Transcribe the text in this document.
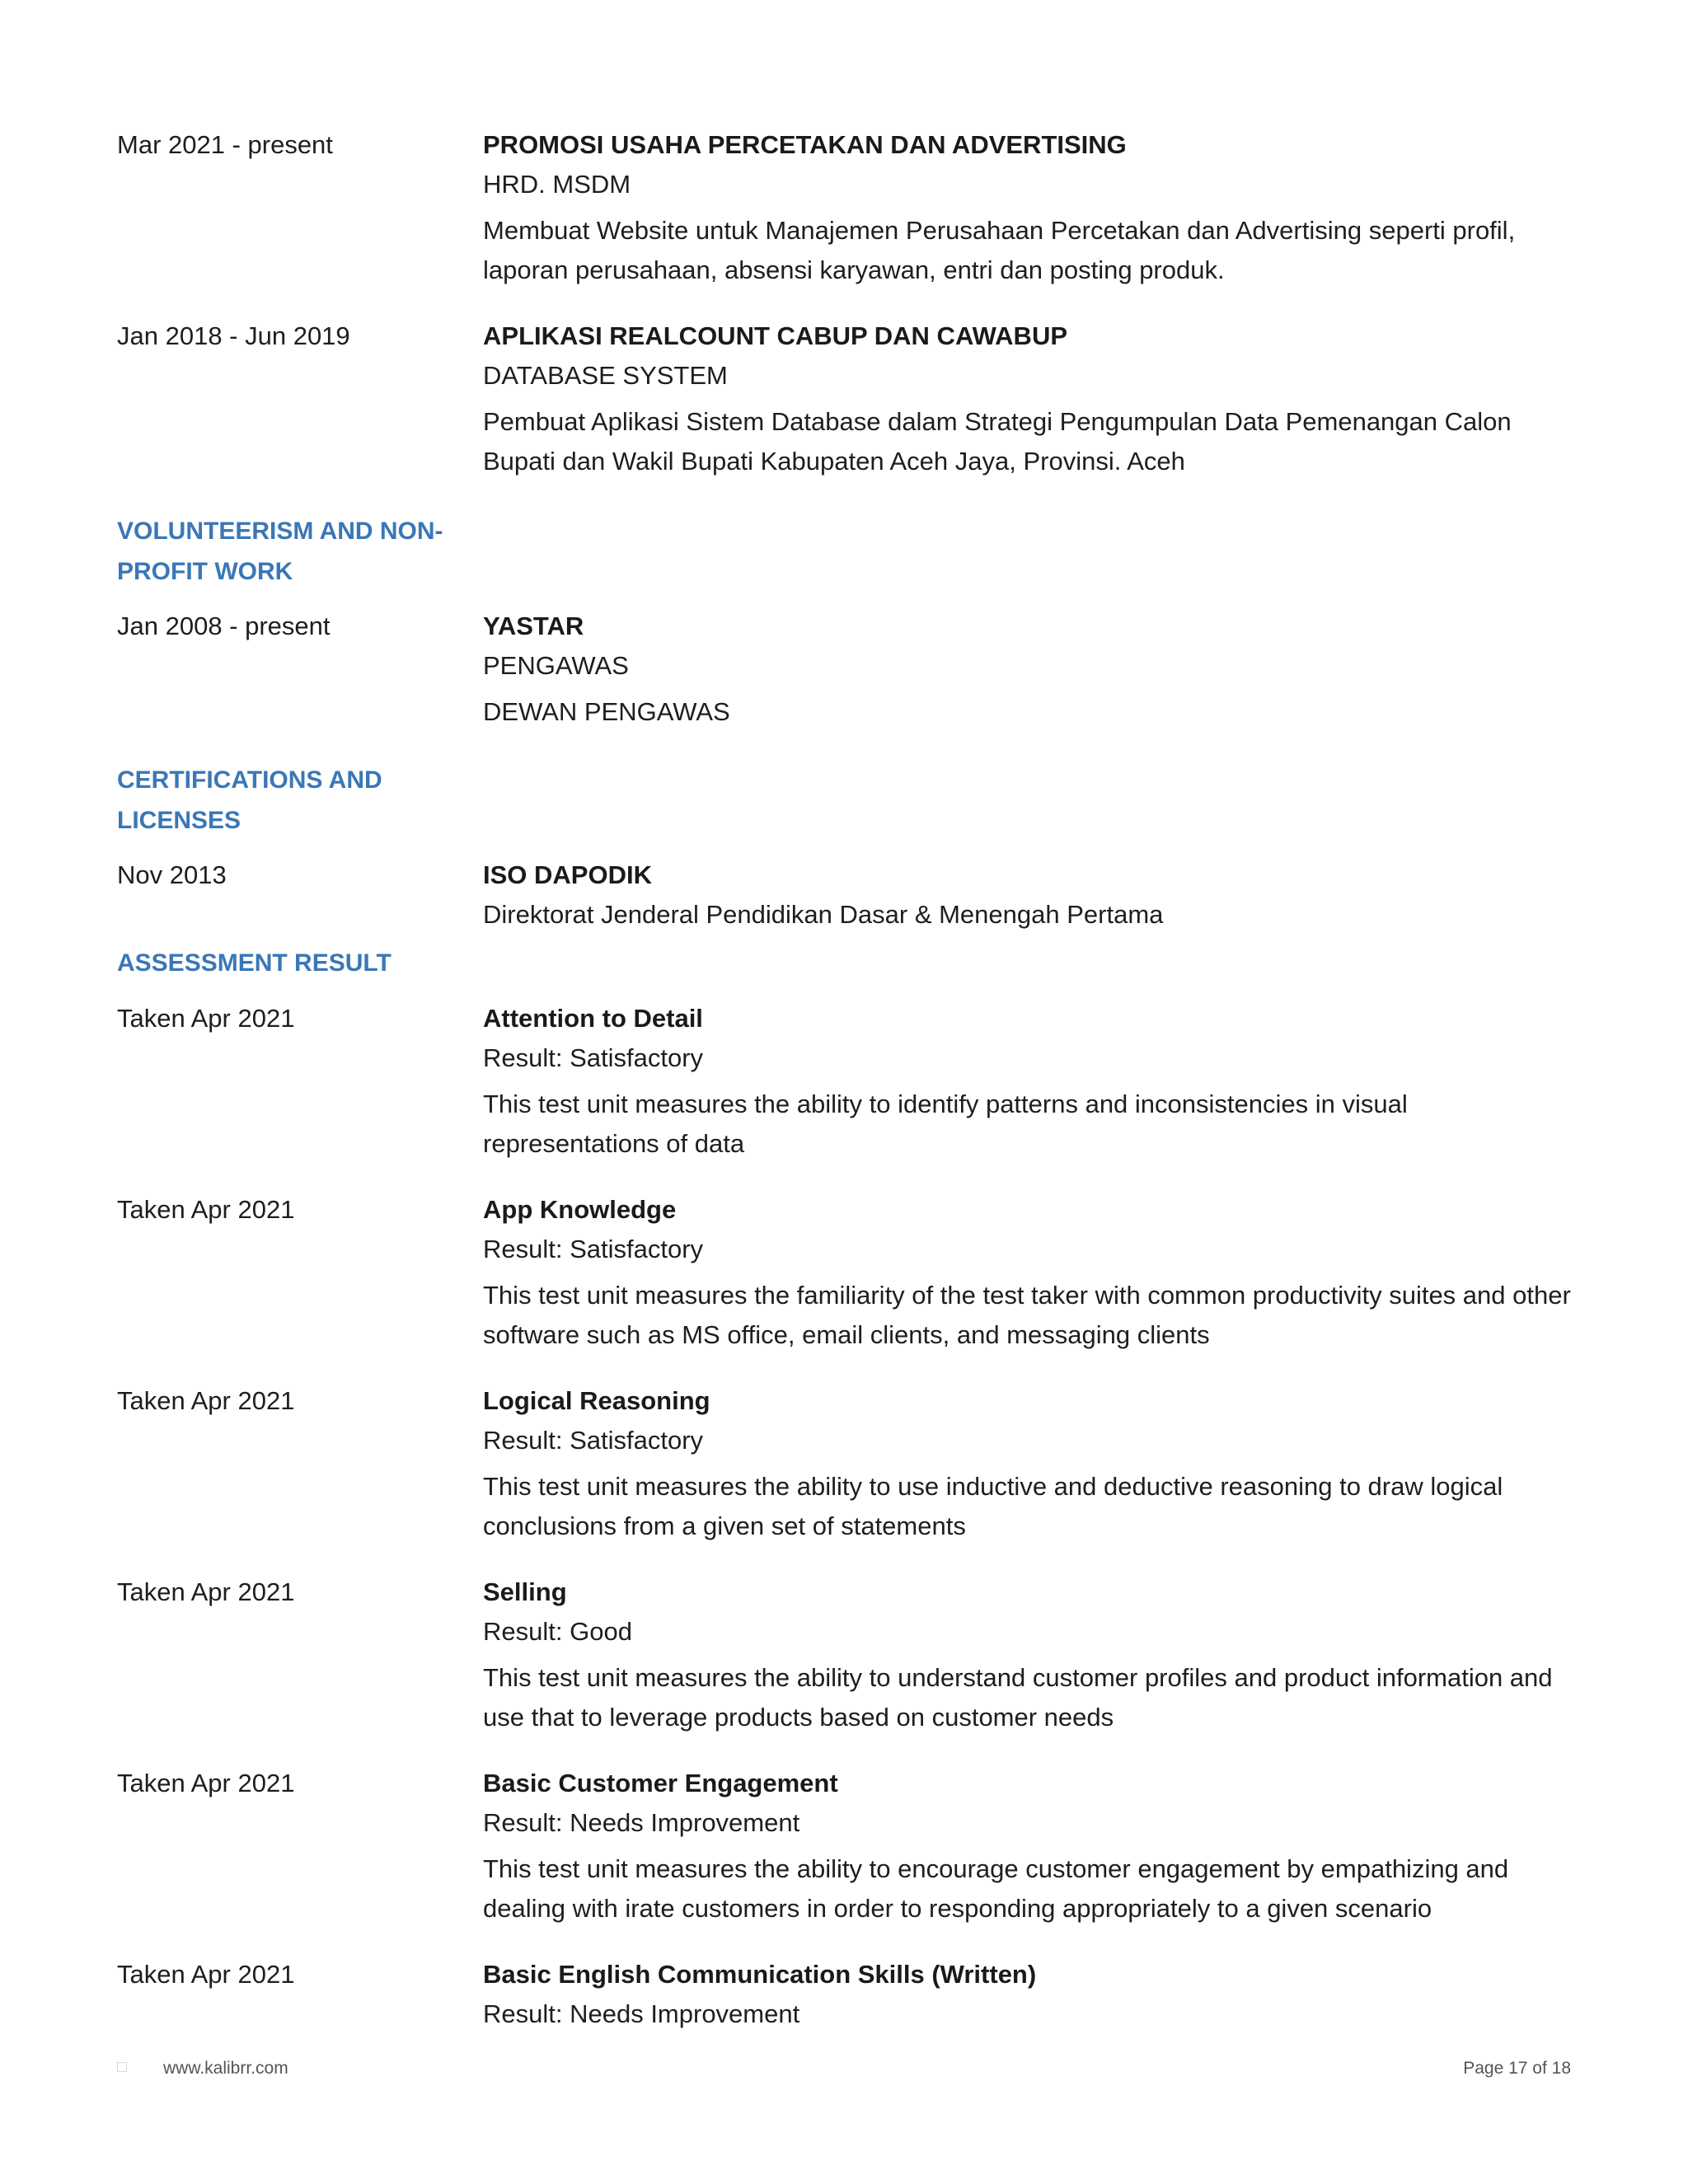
Mar 2021 - present	PROMOSI USAHA PERCETAKAN DAN ADVERTISING
HRD. MSDM
Membuat Website untuk Manajemen Perusahaan Percetakan dan Advertising seperti profil, laporan perusahaan, absensi karyawan, entri dan posting produk.
Jan 2018 - Jun 2019	APLIKASI REALCOUNT CABUP DAN CAWABUP
DATABASE SYSTEM
Pembuat Aplikasi Sistem Database dalam Strategi Pengumpulan Data Pemenangan Calon Bupati dan Wakil Bupati Kabupaten Aceh Jaya, Provinsi. Aceh
VOLUNTEERISM AND NON-PROFIT WORK
Jan 2008 - present	YASTAR
PENGAWAS
DEWAN PENGAWAS
CERTIFICATIONS AND LICENSES
Nov 2013	ISO DAPODIK
Direktorat Jenderal Pendidikan Dasar & Menengah Pertama
ASSESSMENT RESULT
Taken Apr 2021	Attention to Detail
Result: Satisfactory
This test unit measures the ability to identify patterns and inconsistencies in visual representations of data
Taken Apr 2021	App Knowledge
Result: Satisfactory
This test unit measures the familiarity of the test taker with common productivity suites and other software such as MS office, email clients, and messaging clients
Taken Apr 2021	Logical Reasoning
Result: Satisfactory
This test unit measures the ability to use inductive and deductive reasoning to draw logical conclusions from a given set of statements
Taken Apr 2021	Selling
Result: Good
This test unit measures the ability to understand customer profiles and product information and use that to leverage products based on customer needs
Taken Apr 2021	Basic Customer Engagement
Result: Needs Improvement
This test unit measures the ability to encourage customer engagement by empathizing and dealing with irate customers in order to responding appropriately to a given scenario
Taken Apr 2021	Basic English Communication Skills (Written)
Result: Needs Improvement
www.kalibrr.com	Page 17 of 18
